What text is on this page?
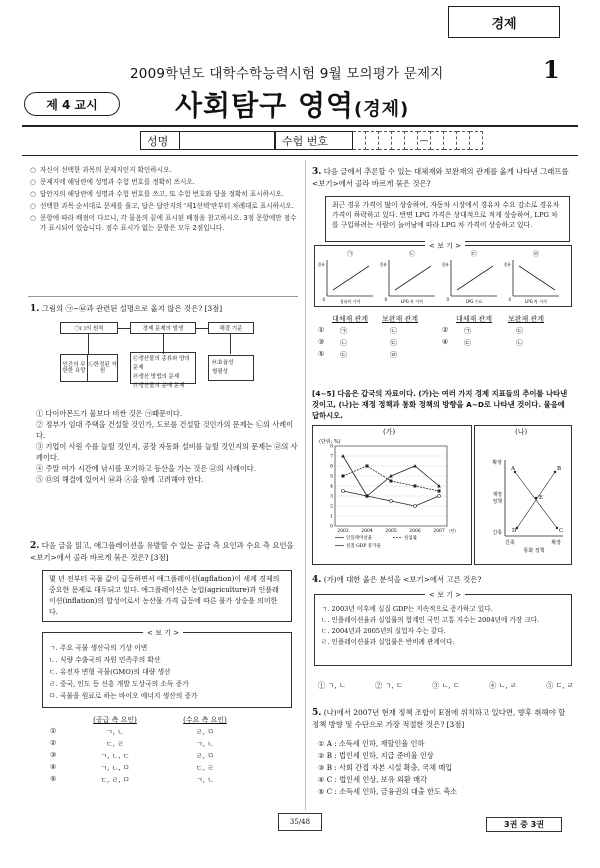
경제
2009학년도 대학수학능력시험 9월 모의평가 문제지	1
제 4 교시	사회탐구 영역(경제)
성명	수험 번호	—
○ 자신이 선택한 과목의 문제지인지 확인하시오.
○ 문제지에 해당란에 성명과 수험 번호를 정확히 쓰시오.
○ 답안지의 해당란에 성명과 수험 번호를 쓰고, 또 수험 번호와 답을 정확히 표시하시오.
○ 선택한 과목 순서대로 문제를 풀고, 답은 답안지의 '제1선택'란부터 차례대로 표시하시오.
○ 문항에 따라 배점이 다르니, 각 물음의 끝에 표시된 배점을 참고하시오. 3점 문항에만 점수가 표시되어 있습니다. 점수 표시가 없는 문항은 모두 2점입니다.
1. 그림의 ㉠~㉥과 관련된 설명으로 옳지 않은 것은? [3점]
㉠( )의 원칙	경제 문제의 발생	해결 기준
인간의 무한한 욕망
㉡한정된 자원
㉢생산물의 종류와 양의 문제
㉣생산 방법의 문제
㉤생산물의 분배 문제
㉥효율성
형평성
① 다이아몬드가 물보다 비싼 것은 ㉠때문이다.
② 정부가 임대 주택을 건설할 것인가, 도로를 건설할 것인가의 문제는 ㉡의 사례이다.
③ 기업이 사원 수를 늘릴 것인지, 공장 자동화 설비를 늘릴 것인지의 문제는 ㉣의 사례이다.
④ 주말 여가 시간에 낚시를 포기하고 등산을 가는 것은 ㉣의 사례이다.
⑤ ㉤의 해결에 있어서 ㉥과 ㉦을 함께 고려해야 한다.
2. 다음 글을 읽고, 애그플레이션을 유발할 수 있는 공급 측 요인과 수요 측 요인을 <보기>에서 골라 바르게 묶은 것은? [3점]
몇 년 전부터 곡물 값이 급등하면서 애그플레이션(agflation)이 세계 경제의 중요한 문제로 대두되고 있다. 애그플레이션은 농업(agriculture)과 인플레이션(inflation)의 합성어로서 농산물 가격 급등에 따른 물가 상승을 의미한다.
< 보 기 >
ㄱ. 주요 곡물 생산국의 기상 이변
ㄴ. 식량 수출국의 자원 민족주의 확산
ㄷ. 유전자 변형 곡물(GMO)의 대량 생산
ㄹ. 중국, 인도 등 신흥 개발 도상국의 소득 증가
ㅁ. 곡물을 원료로 하는 바이오 에너지 생산의 증가
(공급 측 요인)	(수요 측 요인)
①	ㄱ, ㄴ	ㄹ, ㅁ
②	ㄷ, ㄹ	ㄱ, ㄴ
③	ㄱ, ㄴ, ㄷ	ㄹ, ㅁ
④	ㄱ, ㄴ, ㅁ	ㄷ, ㄹ
⑤	ㄷ, ㄹ, ㅁ	ㄱ, ㄴ
3. 다음 글에서 추론할 수 있는 대체재와 보완재의 관계를 옳게 나타낸 그래프를 <보기>에서 골라 바르게 묶은 것은?
최근 경유 가격이 많이 상승하여, 자동차 시장에서 경유차 수요 감소로 경유차 가격이 하락하고 있다. 반면 LPG 가격은 상대적으로 적게 상승하여, LPG 차를 구입하려는 사람이 늘어남에 따라 LPG 차 가격이 상승하고 있다.
< 보 기 >
㉠
경유
경유차 가격
0
㉡
경유
LPG 차 가격
0
㉢
경유
LPG 수요
0
㉣
경유
LPG 차 가격
0
대체재 관계	보완재 관계	대체재 관계	보완재 관계
①	㉠	㉡	②	㉠	㉢
③	㉡	㉢	④	㉢	㉡
⑤	㉢	㉣
[4~5] 다음은 갑국의 자료이다. (가)는 여러 가지 경제 지표들의 추이를 나타낸 것이고, (나)는 재정 정책과 통화 정책의 방향을 A~D로 나타낸 것이다. 물음에 답하시오.
(가)
(단위: %)
0
1
2
3
4
5
6
7
8
2003	2004	2005	2006	2007 (년)
인플레이션율	실업률
실질 GDP 증가율
(나)
확장
재정
정책
긴축
긴축	확장
통화 정책
A	B
C
D
E
4. (가)에 대한 옳은 분석을 <보기>에서 고른 것은?
< 보 기 >
ㄱ. 2003년 이후에 실질 GDP는 지속적으로 증가하고 있다.
ㄴ. 인플레이션율과 실업률의 합계인 국민 고통 지수는 2004년에 가장 크다.
ㄷ. 2004년과 2005년의 실업자 수는 같다.
ㄹ. 인플레이션율과 실업률은 반비례 관계이다.
① ㄱ, ㄴ	② ㄱ, ㄷ	③ ㄴ, ㄷ	④ ㄴ, ㄹ	⑤ ㄷ, ㄹ
5. (나)에서 2007년 현재 정책 조합이 E점에 위치하고 있다면, 향후 취해야 할 정책 방향 및 수단으로 가장 적절한 것은? [3점]
① A : 소득세 인하, 재할인율 인하
② B : 법인세 인하, 지급 준비율 인상
③ B : 사회 간접 자본 시설 확충, 국채 매입
④ C : 법인세 인상, 보유 외환 매각
⑤ C : 소득세 인하, 금융권의 대출 한도 축소
35 / 48	3권 중 3권
